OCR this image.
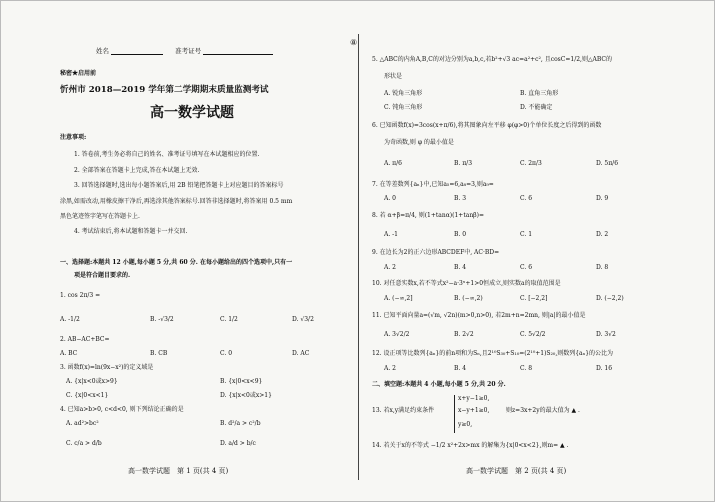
⑧
姓名	准考证号
秘密★启用前
忻州市 2018—2019 学年第二学期期末质量监测考试
高一数学试题
注意事项:
1. 答卷前,考生务必将自己的姓名、准考证号填写在本试题相应的位置.
2. 全部答案在答题卡上完成,答在本试题上无效.
3. 回答选择题时,选出每小题答案后,用 2B 铅笔把答题卡上对应题目的答案标号
涂黑,如需改动,用橡皮擦干净后,再选涂其他答案标号.回答非选择题时,将答案用 0.5 mm
黑色笔迹签字笔写在答题卡上.
4. 考试结束后,将本试题和答题卡一并交回.
一、选择题:本题共 12 小题,每小题 5 分,共 60 分. 在每小题给出的四个选项中,只有一
项是符合题目要求的.
1. cos 2π/3 =
A. -1/2	B. -√3/2	C. 1/2	D. √3/2
2. AB−AC+BC=
A. BC	B. CB	C. 0	D. AC
3. 函数f(x)=ln(9x−x²)的定义域是
A. {x|x<0或x>9}	B. {x|0<x<9}
C. {x|0<x<1}	D. {x|x<0或x>1}
4. 已知a>b>0, c<d<0, 则下列结论正确的是
A. ad²>bc²	B. d²/a > c²/b
C. c/a > d/b	D. a/d > b/c
高一数学试题　第 1 页(共 4 页)
5. △ABC的内角A,B,C的对边分别为a,b,c,若b²+√3 ac=a²+c², 且cosC=1/2,则△ABC的
形状是
A. 锐角三角形	B. 直角三角形
C. 钝角三角形	D. 不能确定
6. 已知函数f(x)=3cos(x+π/6),将其图象向左平移 φ(φ>0)个单位长度之后得到的函数
为奇函数,则 φ 的最小值是
A. π/6	B. π/3	C. 2π/3	D. 5π/6
7. 在等差数列{aₙ}中,已知a₅=6,a₈=3,则a₉=
A. 0	B. 3	C. 6	D. 9
8. 若 α+β=π/4, 则(1+tanα)(1+tanβ)=
A. -1	B. 0	C. 1	D. 2
9. 在边长为2的正六边形ABCDEF中, AC·BD=
A. 2	B. 4	C. 6	D. 8
10. 对任意实数x,若不等式x²−a·3ˣ+1>0恒成立,则实数a的取值范围是
A. (−∞,2]	B. (−∞,2)	C. [−2,2]	D. (−2,2)
11. 已知平面向量a=(√m, √2n)(m>0,n>0), 若2m+n=2mn, 则|a|的最小值是
A. 3√2/2	B. 2√2	C. 5√2/2	D. 3√2
12. 设正项等比数列{aₙ}的前n项和为Sₙ,且2¹⁰S₃₀+S₁₀=(2¹⁰+1)S₂₀,则数列{aₙ}的公比为
A. 2	B. 4	C. 8	D. 16
二、填空题:本题共 4 小题,每小题 5 分,共 20 分.
13. 若x,y满足约束条件
x+y−1≥0,
x−y+1≥0,
y≥0,
则z=3x+2y的最大值为 ▲ .
14. 若关于x的不等式 −1/2 x²+2x>mx 的解集为{x|0<x<2},则m= ▲ .
高一数学试题　第 2 页(共 4 页)
